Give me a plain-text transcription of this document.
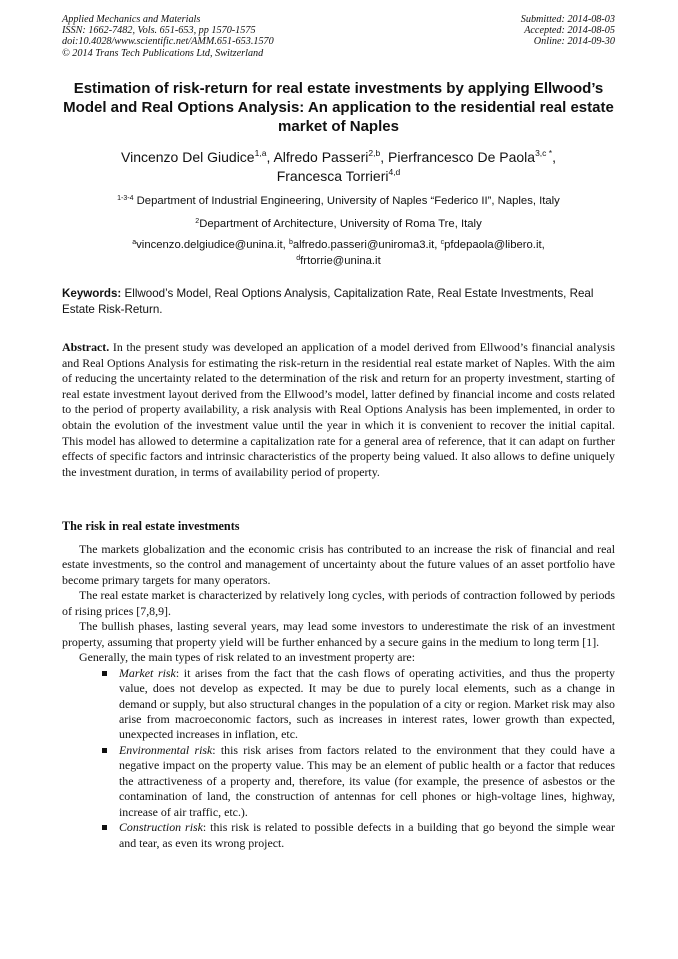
Applied Mechanics and Materials
ISSN: 1662-7482, Vols. 651-653, pp 1570-1575
doi:10.4028/www.scientific.net/AMM.651-653.1570
© 2014 Trans Tech Publications Ltd, Switzerland
Submitted: 2014-08-03
Accepted: 2014-08-05
Online: 2014-09-30
Estimation of risk-return for real estate investments by applying Ellwood’s Model and Real Options Analysis: An application to the residential real estate market of Naples
Vincenzo Del Giudice$^{1,a}$, Alfredo Passeri$^{2,b}$, Pierfrancesco De Paola$^{3,c *}$,
Francesca Torrieri$^{4,d}$
$^{1-3-4}$ Department of Industrial Engineering, University of Naples “Federico II”, Naples, Italy
$^2$Department of Architecture, University of Roma Tre, Italy
$^a$vincenzo.delgiudice@unina.it, $^b$alfredo.passeri@uniroma3.it, $^c$pfdepaola@libero.it,
$^d$frtorrie@unina.it
Keywords: Ellwood’s Model, Real Options Analysis, Capitalization Rate, Real Estate Investments, Real Estate Risk-Return.

Abstract. In the present study was developed an application of a model derived from Ellwood’s financial analysis and Real Options Analysis for estimating the risk-return in the residential real estate market of Naples. With the aim of reducing the uncertainty related to the determination of the risk and return for an property investment, starting of real estate investment layout derived from the Ellwood’s model, latter defined by financial income and costs related to the period of property availability, a risk analysis with Real Options Analysis has been implemented, in order to obtain the evolution of the investment value until the year in which it is convenient to recover the initial capital. This model has allowed to determine a capitalization rate for a general area of reference, that it can adapt on further effects of specific factors and intrinsic characteristics of the property being valued. It also allows to define uniquely the investment duration, in terms of availability period of property.

The risk in real estate investments

The markets globalization and the economic crisis has contributed to an increase the risk of financial and real estate investments, so the control and management of uncertainty about the future values of an asset portfolio have become primary targets for many operators.

The real estate market is characterized by relatively long cycles, with periods of contraction followed by periods of rising prices [7,8,9].

The bullish phases, lasting several years, may lead some investors to underestimate the risk of an investment property, assuming that property yield will be further enhanced by a secure gains in the medium to long term [1].

Generally, the main types of risk related to an investment property are:

Market risk: it arises from the fact that the cash flows of operating activities, and thus the property value, does not develop as expected. It may be due to purely local elements, such as a change in demand or supply, but also structural changes in the population of a city or region. Market risk may also arise from macroeconomic factors, such as increases in interest rates, lower growth than expected, unexpected increases in inflation, etc.
Environmental risk: this risk arises from factors related to the environment that they could have a negative impact on the property value. This may be an element of public health or a factor that reduces the attractiveness of a property and, therefore, its value (for example, the presence of asbestos or the contamination of land, the construction of antennas for cell phones or high-voltage lines, highway, increase of air traffic, etc.).
Construction risk: this risk is related to possible defects in a building that go beyond the simple wear and tear, as even its wrong project.
